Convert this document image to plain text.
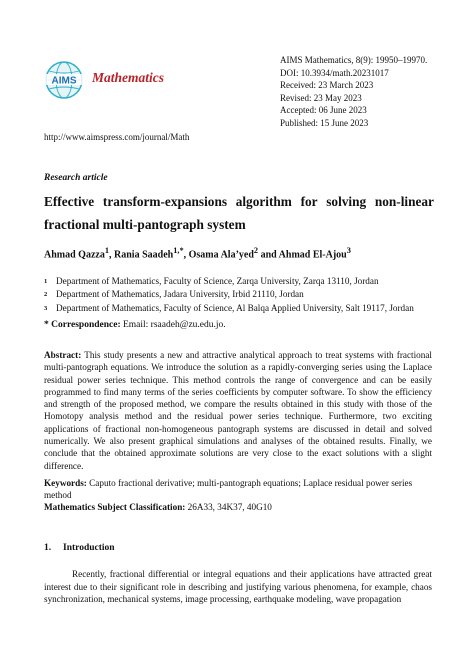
AIMS Mathematics
AIMS Mathematics, 8(9): 19950–19970.
DOI: 10.3934/math.20231017
Received: 23 March 2023
Revised: 23 May 2023
Accepted: 06 June 2023
Published: 15 June 2023
http://www.aimspress.com/journal/Math
Research article
Effective transform-expansions algorithm for solving non-linear
fractional multi-pantograph system
Ahmad Qazza$^1$, Rania Saadeh$^{1,*}$, Osama Ala’yed$^2$ and Ahmad El-Ajou$^3$
1 Department of Mathematics, Faculty of Science, Zarqa University, Zarqa 13110, Jordan
2 Department of Mathematics, Jadara University, Irbid 21110, Jordan
3 Department of Mathematics, Faculty of Science, Al Balqa Applied University, Salt 19117, Jordan
* Correspondence: Email: rsaadeh@zu.edu.jo.
Abstract: This study presents a new and attractive analytical approach to treat systems with fractional multi-pantograph equations. We introduce the solution as a rapidly-converging series using the Laplace residual power series technique. This method controls the range of convergence and can be easily programmed to find many terms of the series coefficients by computer software. To show the efficiency and strength of the proposed method, we compare the results obtained in this study with those of the Homotopy analysis method and the residual power series technique. Furthermore, two exciting applications of fractional non-homogeneous pantograph systems are discussed in detail and solved numerically. We also present graphical simulations and analyses of the obtained results. Finally, we conclude that the obtained approximate solutions are very close to the exact solutions with a slight difference.
Keywords: Caputo fractional derivative; multi-pantograph equations; Laplace residual power series method
Mathematics Subject Classification: 26A33, 34K37, 40G10
1. Introduction
Recently, fractional differential or integral equations and their applications have attracted great interest due to their significant role in describing and justifying various phenomena, for example, chaos synchronization, mechanical systems, image processing, earthquake modeling, wave propagation
